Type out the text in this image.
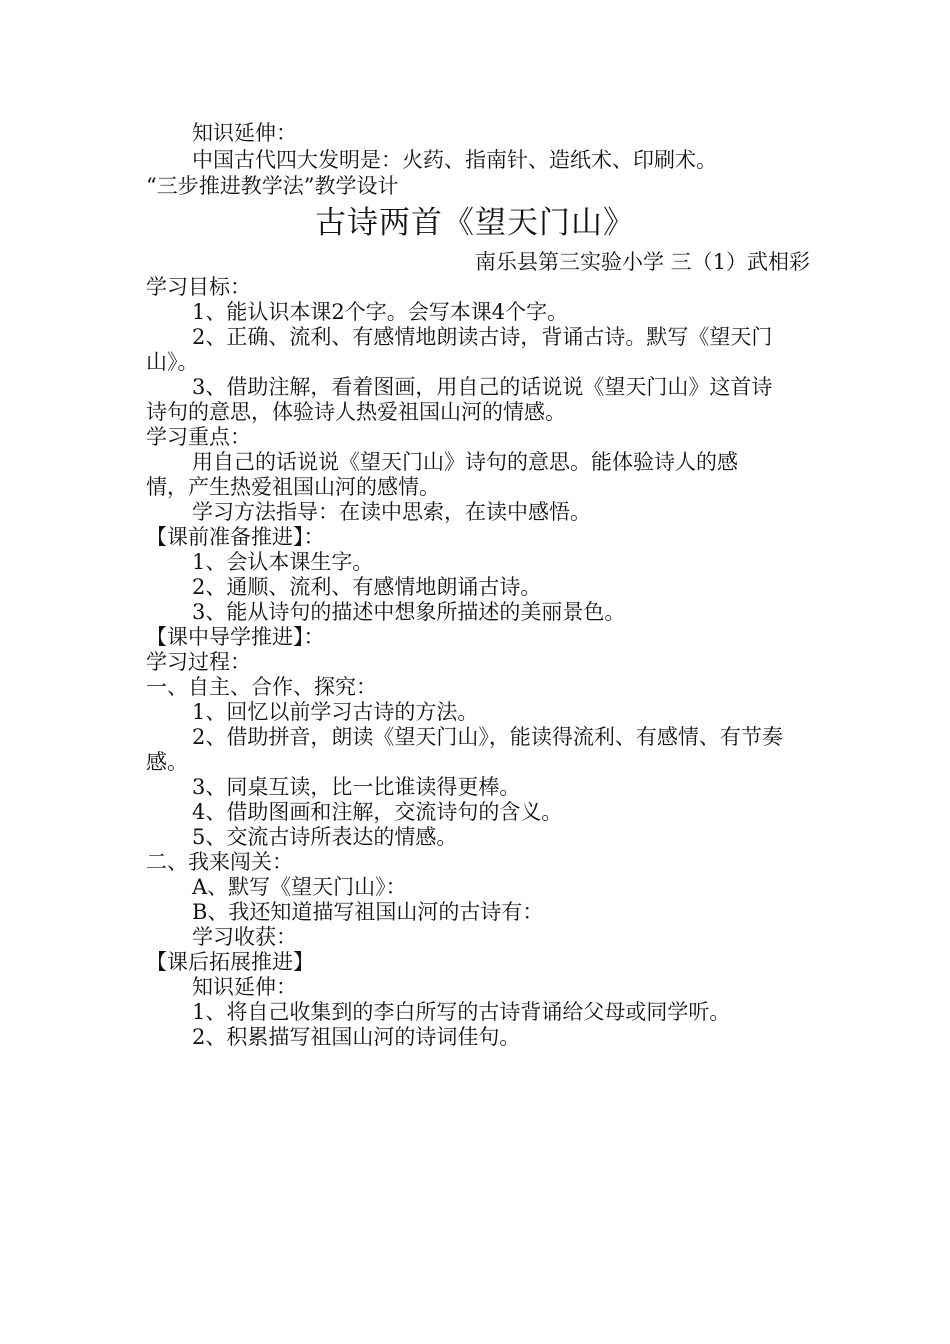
知识延伸：
中国古代四大发明是：火药、指南针、造纸术、印刷术。
“三步推进教学法”教学设计
古诗两首《望天门山》
南乐县第三实验小学 三（1）武相彩
学习目标：
1、能认识本课2个字。会写本课4个字。
2、正确、流利、有感情地朗读古诗，背诵古诗。默写《望天门
山》。
3、借助注解，看着图画，用自己的话说说《望天门山》这首诗
诗句的意思，体验诗人热爱祖国山河的情感。
学习重点：
用自己的话说说《望天门山》诗句的意思。能体验诗人的感
情，产生热爱祖国山河的感情。
学习方法指导：在读中思索，在读中感悟。
【课前准备推进】：
1、会认本课生字。
2、通顺、流利、有感情地朗诵古诗。
3、能从诗句的描述中想象所描述的美丽景色。
【课中导学推进】：
学习过程：
一、自主、合作、探究：
1、回忆以前学习古诗的方法。
2、借助拼音，朗读《望天门山》，能读得流利、有感情、有节奏
感。
3、同桌互读，比一比谁读得更棒。
4、借助图画和注解，交流诗句的含义。
5、交流古诗所表达的情感。
二、我来闯关：
A、默写《望天门山》：
B、我还知道描写祖国山河的古诗有：
学习收获：
【课后拓展推进】
知识延伸：
1、将自己收集到的李白所写的古诗背诵给父母或同学听。
2、积累描写祖国山河的诗词佳句。
